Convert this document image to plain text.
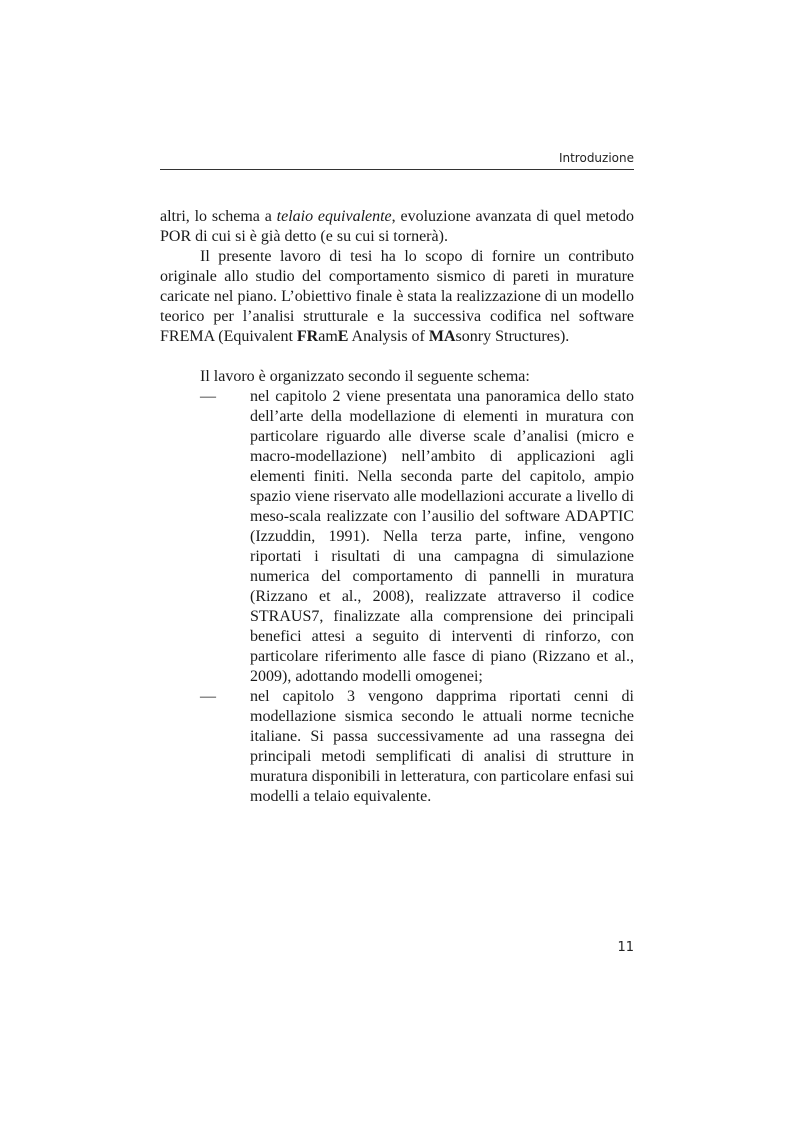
Introduzione

altri, lo schema a telaio equivalente, evoluzione avanzata di quel metodo POR di cui si è già detto (e su cui si tornerà).

Il presente lavoro di tesi ha lo scopo di fornire un contributo originale allo studio del comportamento sismico di pareti in murature caricate nel piano. L’obiettivo finale è stata la realizzazione di un modello teorico per l’analisi strutturale e la successiva codifica nel software FREMA (Equivalent FRamE Analysis of MAsonry Structures).

Il lavoro è organizzato secondo il seguente schema:

— nel capitolo 2 viene presentata una panoramica dello stato dell’arte della modellazione di elementi in muratura con particolare riguardo alle diverse scale d’analisi (micro e macro-modellazione) nell’ambito di applicazioni agli elementi finiti. Nella seconda parte del capitolo, ampio spazio viene riservato alle modellazioni accurate a livello di meso-scala realizzate con l’ausilio del software ADAPTIC (Izzuddin, 1991). Nella terza parte, infine, vengono riportati i risultati di una campagna di simulazione numerica del comportamento di pannelli in muratura (Rizzano et al., 2008), realizzate attraverso il codice STRAUS7, finalizzate alla comprensione dei principali benefici attesi a seguito di interventi di rinforzo, con particolare riferimento alle fasce di piano (Rizzano et al., 2009), adottando modelli omogenei;
— nel capitolo 3 vengono dapprima riportati cenni di modellazione sismica secondo le attuali norme tecniche italiane. Si passa successivamente ad una rassegna dei principali metodi semplificati di analisi di strutture in muratura disponibili in letteratura, con particolare enfasi sui modelli a telaio equivalente.
11
